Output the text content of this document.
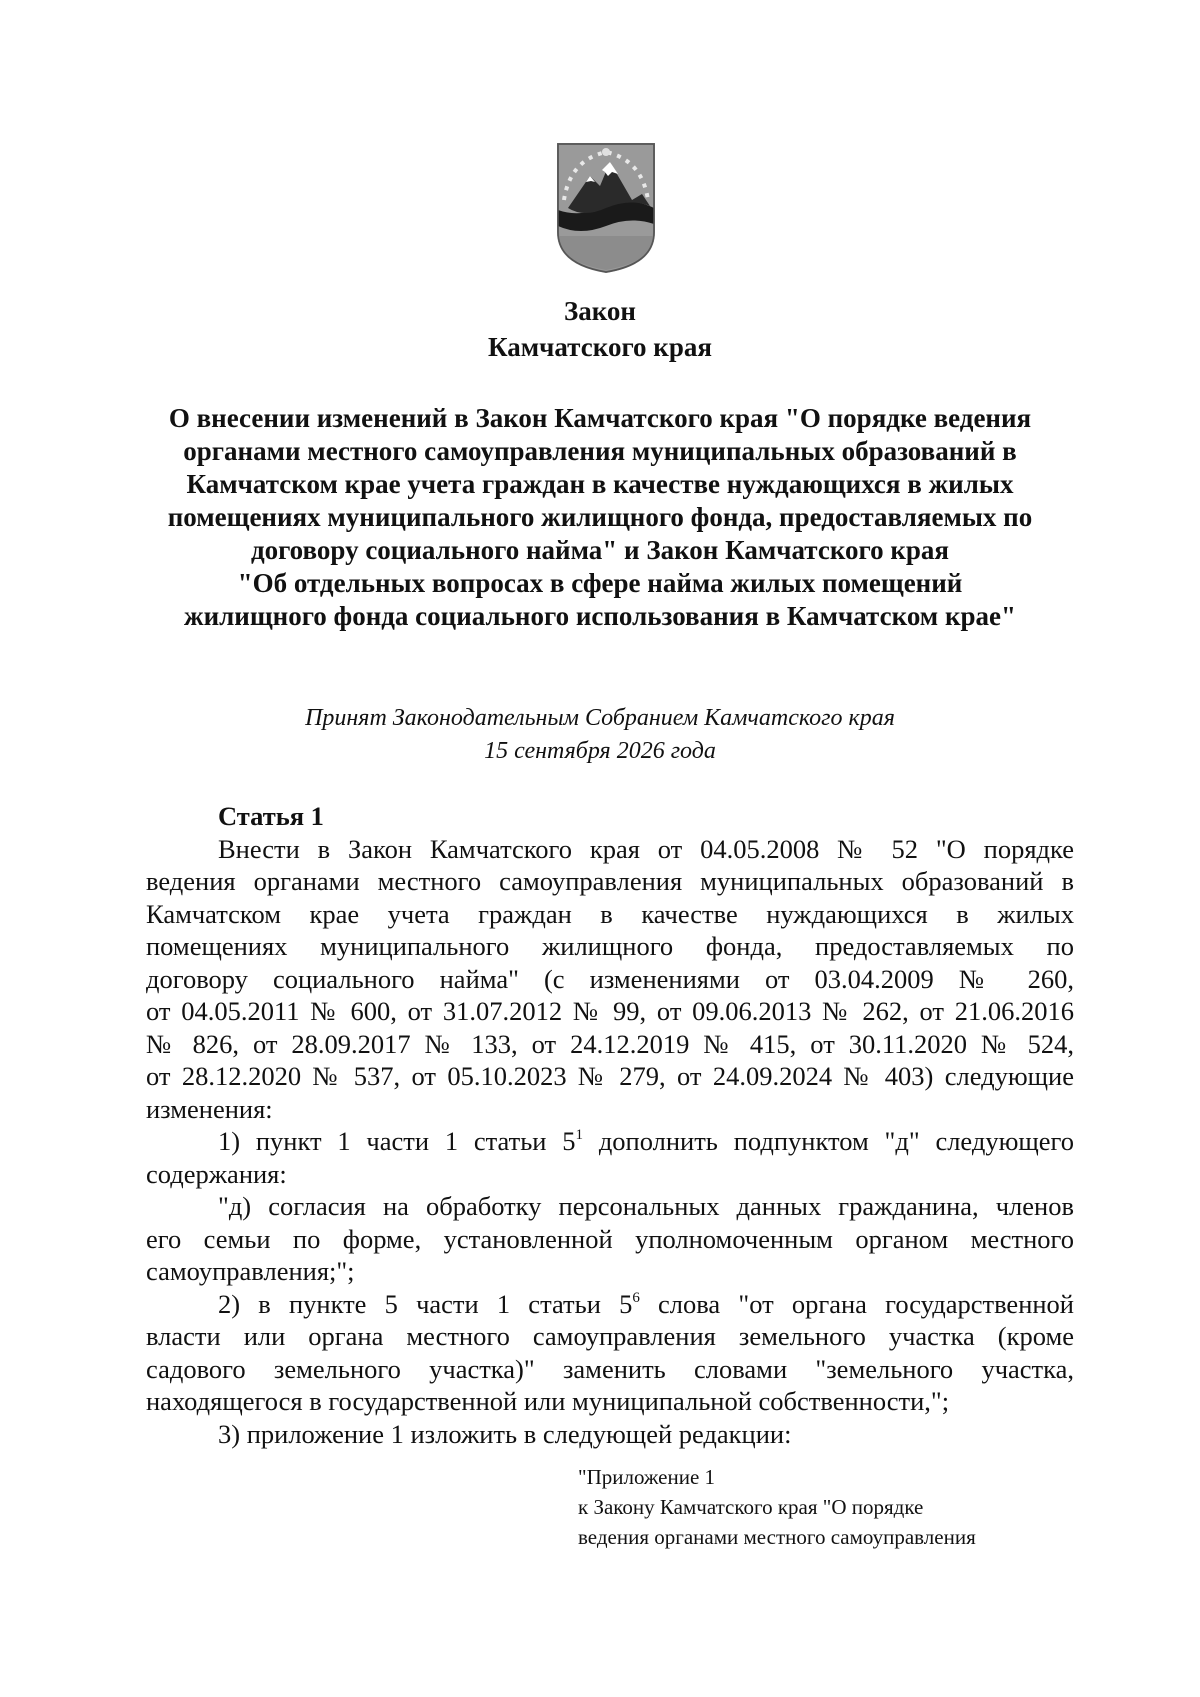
Закон
Камчатского края
О внесении изменений в Закон Камчатского края "О порядке ведения
органами местного самоуправления муниципальных образований в
Камчатском крае учета граждан в качестве нуждающихся в жилых
помещениях муниципального жилищного фонда, предоставляемых по
договору социального найма" и Закон Камчатского края
"Об отдельных вопросах в сфере найма жилых помещений
жилищного фонда социального использования в Камчатском крае"
Принят Законодательным Собранием Камчатского края
15 сентября 2026 года
Статья 1
Внести в Закон Камчатского края от 04.05.2008 № 52 "О порядке
ведения органами местного самоуправления муниципальных образований в
Камчатском крае учета граждан в качестве нуждающихся в жилых
помещениях муниципального жилищного фонда, предоставляемых по
договору социального найма" (с изменениями от 03.04.2009 № 260,
от 04.05.2011 № 600, от 31.07.2012 № 99, от 09.06.2013 № 262, от 21.06.2016
№ 826, от 28.09.2017 № 133, от 24.12.2019 № 415, от 30.11.2020 № 524,
от 28.12.2020 № 537, от 05.10.2023 № 279, от 24.09.2024 № 403) следующие
изменения:
1) пункт 1 части 1 статьи $5^1$ дополнить подпунктом "д" следующего
содержания:
"д) согласия на обработку персональных данных гражданина, членов
его семьи по форме, установленной уполномоченным органом местного
самоуправления;";
2) в пункте 5 части 1 статьи $5^6$ слова "от органа государственной
власти или органа местного самоуправления земельного участка (кроме
садового земельного участка)" заменить словами "земельного участка,
находящегося в государственной или муниципальной собственности,";
3) приложение 1 изложить в следующей редакции:
"Приложение 1
к Закону Камчатского края "О порядке
ведения органами местного самоуправления
